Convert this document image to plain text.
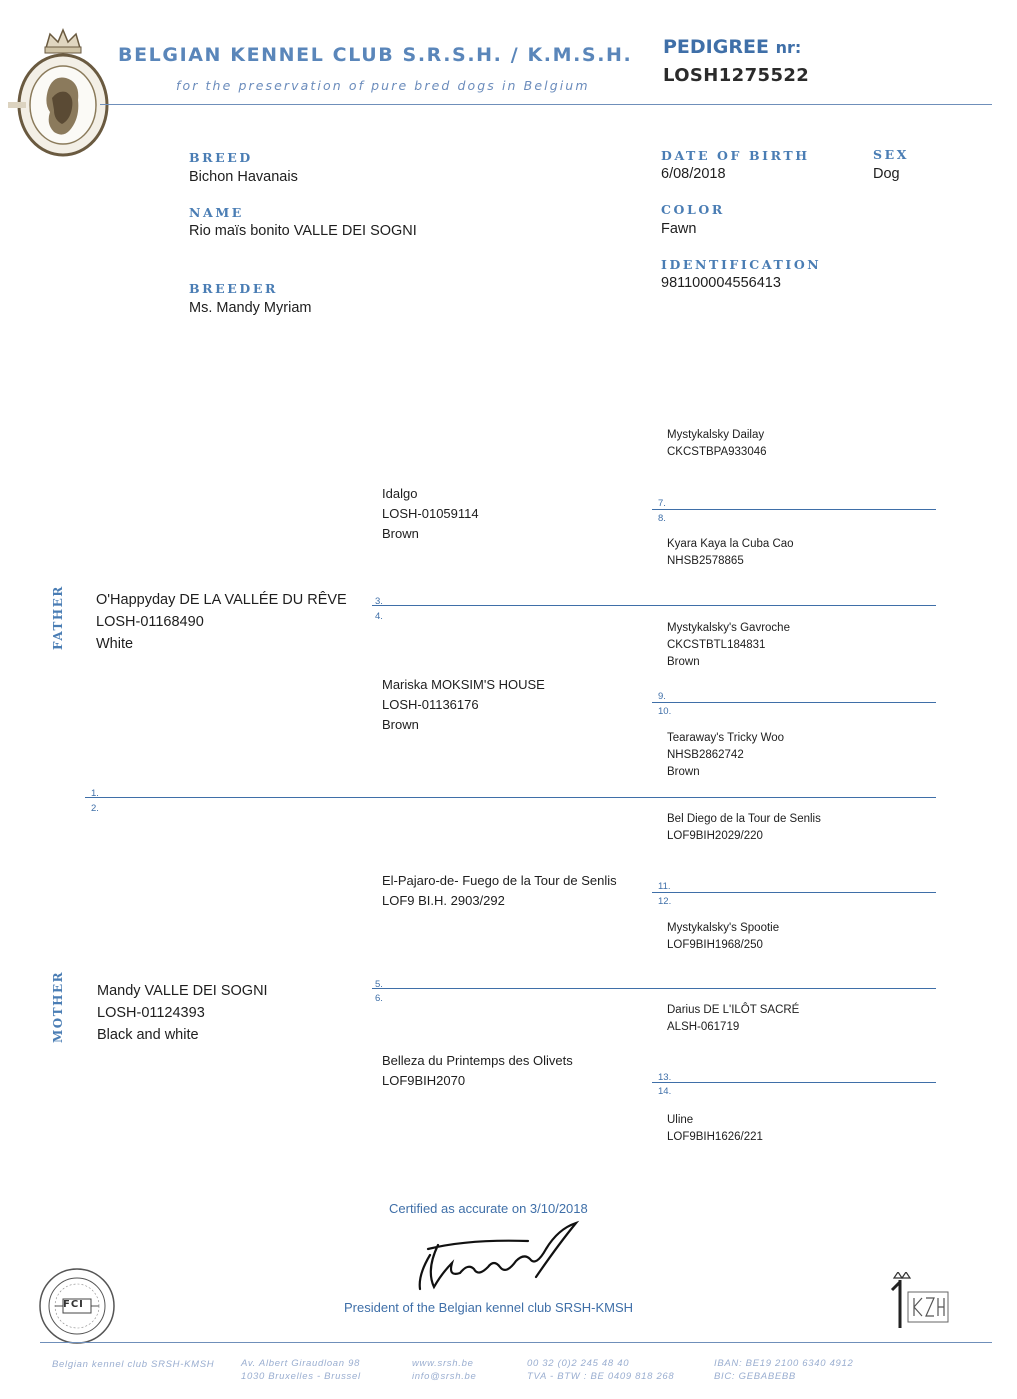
BELGIAN KENNEL CLUB S.R.S.H. / K.M.S.H.
for the preservation of pure bred dogs in Belgium
PEDIGREE nr:
LOSH1275522
BREED
Bichon Havanais
NAME
Rio maïs bonito VALLE DEI SOGNI
BREEDER
Ms. Mandy Myriam
DATE OF BIRTH
6/08/2018
SEX
Dog
COLOR
Fawn
IDENTIFICATION
981100004556413
1.
2.
3.
4.
5.
6.
7.
8.
9.
10.
11.
12.
13.
14.
FATHER
MOTHER
O'Happyday DE LA VALLÉE DU RÊVE
LOSH-01168490
White
Mandy VALLE DEI SOGNI
LOSH-01124393
Black and white
Idalgo
LOSH-01059114
Brown
Mariska MOKSIM'S HOUSE
LOSH-01136176
Brown
El-Pajaro-de- Fuego de la Tour de Senlis
LOF9 BI.H. 2903/292
Belleza du Printemps des Olivets
LOF9BIH2070
Mystykalsky Dailay
CKCSTBPA933046
Kyara Kaya la Cuba Cao
NHSB2578865
Mystykalsky's Gavroche
CKCSTBTL184831
Brown
Tearaway's Tricky Woo
NHSB2862742
Brown
Bel Diego de la Tour de Senlis
LOF9BIH2029/220
Mystykalsky's Spootie
LOF9BIH1968/250
Darius DE L'ILÔT SACRÉ
ALSH-061719
Uline
LOF9BIH1626/221
Certified as accurate on 3/10/2018
President of the Belgian kennel club SRSH-KMSH
FCI
Belgian kennel club SRSH-KMSH	Av. Albert Giraudloan 98
1030 Bruxelles - Brussel
www.srsh.be
info@srsh.be
00 32 (0)2 245 48 40
TVA - BTW : BE 0409 818 268
IBAN: BE19 2100 6340 4912
BIC: GEBABEBB
